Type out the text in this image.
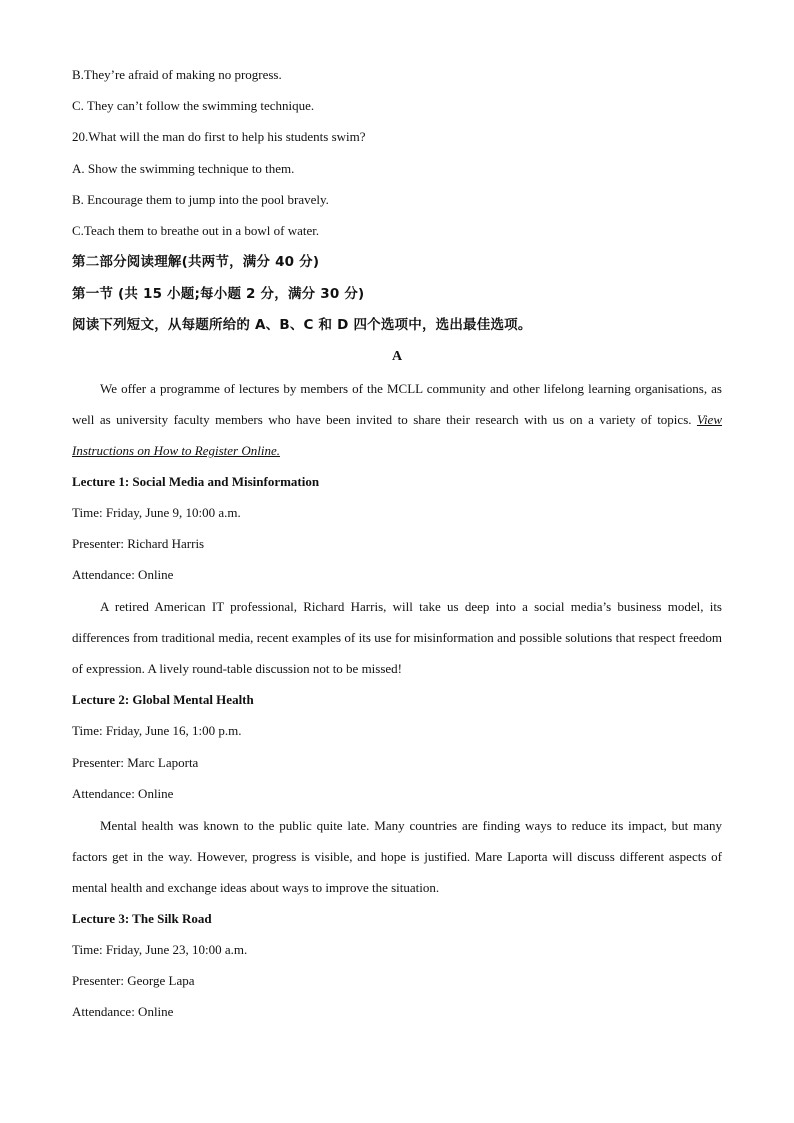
B.They’re afraid of making no progress.
C. They can’t follow the swimming technique.
20.What will the man do first to help his students swim?
A. Show the swimming technique to them.
B. Encourage them to jump into the pool bravely.
C.Teach them to breathe out in a bowl of water.
第二部分阅读理解(共两节，满分 40 分)
第一节 (共 15 小题;每小题 2 分，满分 30 分)
阅读下列短文，从每题所给的 A、B、C 和 D 四个选项中，选出最佳选项。
A
We offer a programme of lectures by members of the MCLL community and other lifelong learning organisations, as well as university faculty members who have been invited to share their research with us on a variety of topics. View Instructions on How to Register Online.
Lecture 1: Social Media and Misinformation
Time: Friday, June 9, 10:00 a.m.
Presenter: Richard Harris
Attendance: Online
A retired American IT professional, Richard Harris, will take us deep into a social media’s business model, its differences from traditional media, recent examples of its use for misinformation and possible solutions that respect freedom of expression. A lively round-table discussion not to be missed!
Lecture 2: Global Mental Health
Time: Friday, June 16, 1:00 p.m.
Presenter: Marc Laporta
Attendance: Online
Mental health was known to the public quite late. Many countries are finding ways to reduce its impact, but many factors get in the way. However, progress is visible, and hope is justified. Mare Laporta will discuss different aspects of mental health and exchange ideas about ways to improve the situation.
Lecture 3: The Silk Road
Time: Friday, June 23, 10:00 a.m.
Presenter: George Lapa
Attendance: Online
